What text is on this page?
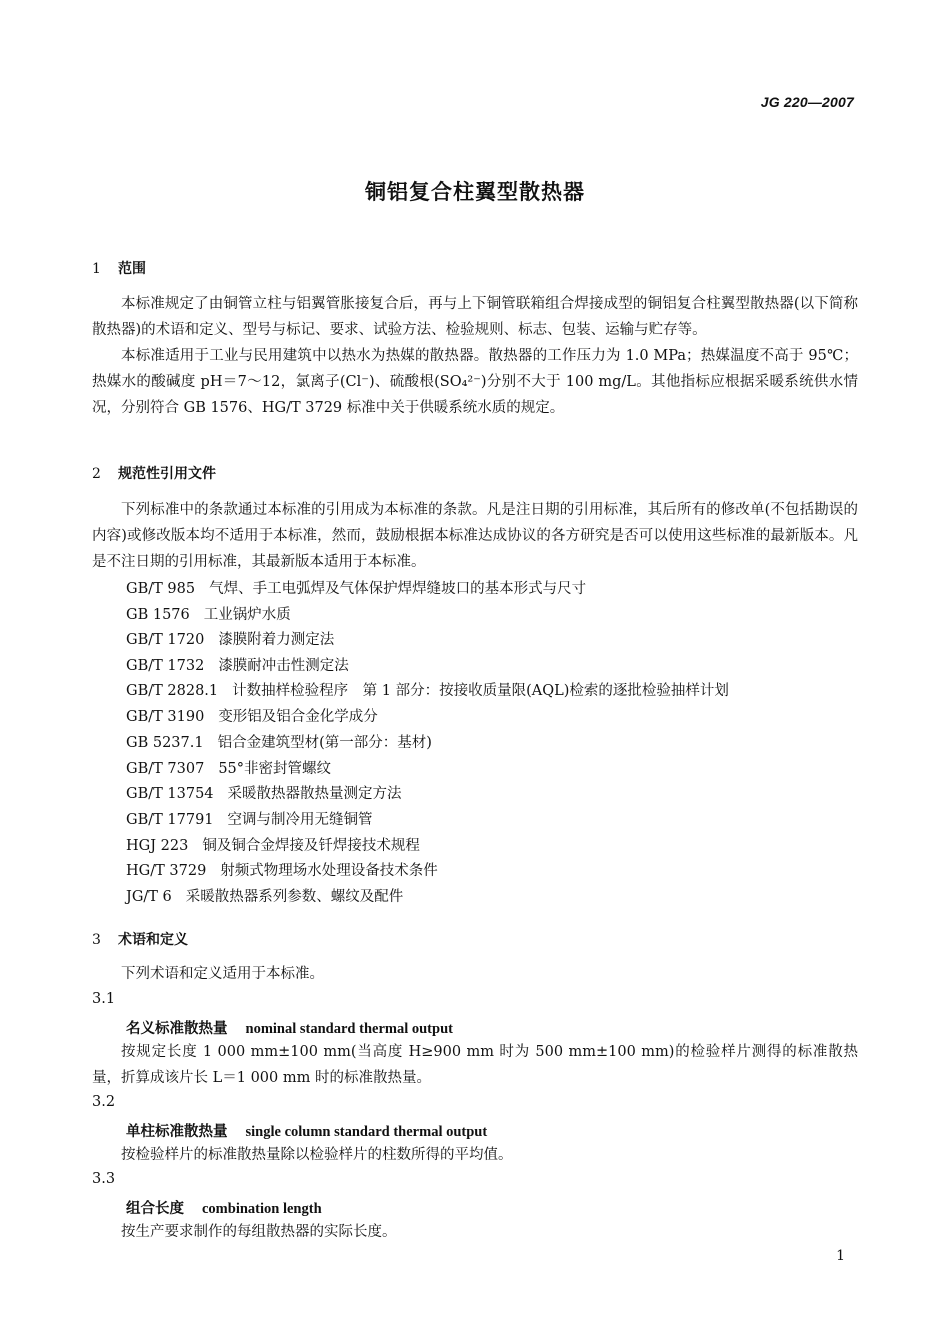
JG 220—2007
铜铝复合柱翼型散热器
1 范围

本标准规定了由铜管立柱与铝翼管胀接复合后，再与上下铜管联箱组合焊接成型的铜铝复合柱翼型散热器(以下简称散热器)的术语和定义、型号与标记、要求、试验方法、检验规则、标志、包装、运输与贮存等。

本标准适用于工业与民用建筑中以热水为热媒的散热器。散热器的工作压力为 1.0 MPa；热媒温度不高于 95℃；热媒水的酸碱度 pH＝7～12，氯离子(Cl⁻)、硫酸根(SO₄²⁻)分别不大于 100 mg/L。其他指标应根据采暖系统供水情况，分别符合 GB 1576、HG/T 3729 标准中关于供暖系统水质的规定。

2 规范性引用文件

下列标准中的条款通过本标准的引用成为本标准的条款。凡是注日期的引用标准，其后所有的修改单(不包括勘误的内容)或修改版本均不适用于本标准，然而，鼓励根据本标准达成协议的各方研究是否可以使用这些标准的最新版本。凡是不注日期的引用标准，其最新版本适用于本标准。

GB/T 985 气焊、手工电弧焊及气体保护焊焊缝坡口的基本形式与尺寸
GB 1576 工业锅炉水质
GB/T 1720 漆膜附着力测定法
GB/T 1732 漆膜耐冲击性测定法
GB/T 2828.1 计数抽样检验程序　第 1 部分：按接收质量限(AQL)检索的逐批检验抽样计划
GB/T 3190 变形铝及铝合金化学成分
GB 5237.1 铝合金建筑型材(第一部分：基材)
GB/T 7307 55°非密封管螺纹
GB/T 13754 采暖散热器散热量测定方法
GB/T 17791 空调与制冷用无缝铜管
HGJ 223 铜及铜合金焊接及钎焊接技术规程
HG/T 3729 射频式物理场水处理设备技术条件
JG/T 6 采暖散热器系列参数、螺纹及配件
3 术语和定义

下列术语和定义适用于本标准。

3.1
名义标准散热量 nominal standard thermal output

按规定长度 1 000 mm±100 mm(当高度 H≥900 mm 时为 500 mm±100 mm)的检验样片测得的标准散热量，折算成该片长 L＝1 000 mm 时的标准散热量。

3.2
单柱标准散热量 single column standard thermal output

按检验样片的标准散热量除以检验样片的柱数所得的平均值。

3.3
组合长度 combination length

按生产要求制作的每组散热器的实际长度。

1
